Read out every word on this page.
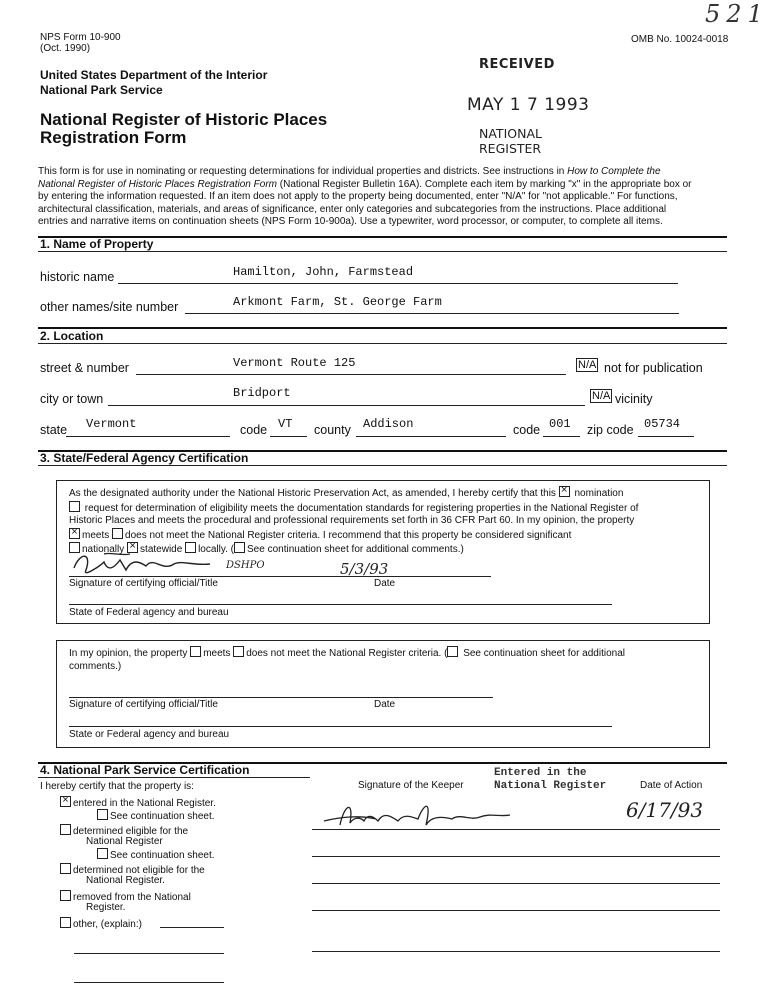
NPS Form 10-900
(Oct. 1990)
OMB No. 10024-0018
521
United States Department of the Interior
National Park Service
National Register of Historic Places
Registration Form
RECEIVED
MAY 1 7 1993
NATIONAL
REGISTER
This form is for use in nominating or requesting determinations for individual properties and districts. See instructions in How to Complete the
National Register of Historic Places Registration Form (National Register Bulletin 16A). Complete each item by marking "x" in the appropriate box or
by entering the information requested. If an item does not apply to the property being documented, enter "N/A" for "not applicable." For functions,
architectural classification, materials, and areas of significance, enter only categories and subcategories from the instructions. Place additional
entries and narrative items on continuation sheets (NPS Form 10-900a). Use a typewriter, word processor, or computer, to complete all items.
1. Name of Property
historic name	Hamilton, John, Farmstead
other names/site number	Arkmont Farm, St. George Farm
2. Location
street & number	Vermont Route 125	N/A not for publication
city or town	Bridport	N/A vicinity
state Vermont	code VT county Addison	code 001 zip code 05734
3. State/Federal Agency Certification
As the designated authority under the National Historic Preservation Act, as amended, I hereby certify that this × nomination
request for determination of eligibility meets the documentation standards for registering properties in the National Register of
Historic Places and meets the procedural and professional requirements set forth in 36 CFR Part 60. In my opinion, the property
×meets does not meet the National Register criteria. I recommend that this property be considered significant
nationally × statewide locally. ( See continuation sheet for additional comments.)
DSHPO	5/3/93
Signature of certifying official/Title	Date
State of Federal agency and bureau
In my opinion, the property meets does not meet the National Register criteria. ( See continuation sheet for additional
comments.)
Signature of certifying official/Title	Date
State or Federal agency and bureau
4. National Park Service Certification
I hereby certify that the property is:	Signature of the Keeper	Date of Action
Entered in the
National Register
×entered in the National Register.
See continuation sheet.
determined eligible for the
National Register
See continuation sheet.
determined not eligible for the
National Register.
removed from the National
Register.
other, (explain:)
6/17/93
